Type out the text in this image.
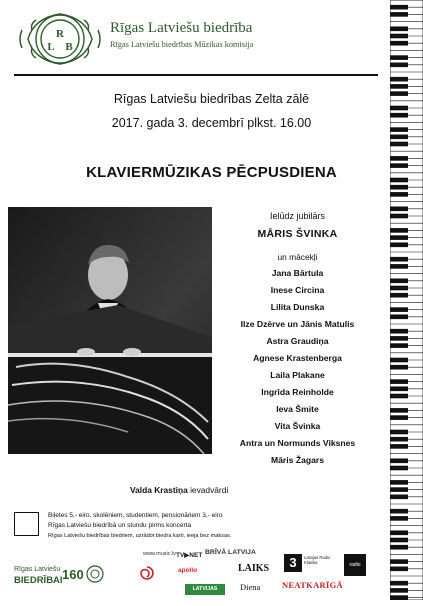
R
L B
Rīgas Latviešu biedrība
Rīgas Latviešu biedrības Mūzikas komisija
Rīgas Latviešu biedrības Zelta zālē
2017. gada 3. decembrī plkst. 16.00
KLAVIERMŪZIKAS PĒCPUSDIENA
Ielūdz jubilārs
MĀRIS ŠVINKA
un mācekļi
Jana Bārtula
Inese Circina
Lilita Dunska
Ilze Dzērve un Jānis Matulis
Astra Graudiņa
Agnese Krastenberga
Laila Plakane
Ingrīda Reinholde
Ieva Šmite
Vita Švinka
Antra un Normunds Viksnes
Māris Žagars
Valda Krastiņa ievadvārdi
Biļetes 5,- eiro, skolēniem, studentiem, pensionāriem 3,- eiro
Rīgas Latviešu biedrībā un stundu pirms koncerta
Rīgas Latviešu biedrības biedriem, uzrādot biedra karti, ieeja bez maksas.
Rīgas Latviešu
BIEDRĪBAI 160
www.music.lv TV▶NET
apollo
LATVIJAS AVĪZE
BRĪVĀ LATVIJA
LAIKS
Diena
3	Latvijas Radio Klasika
NEATKARĪGĀ
radio
